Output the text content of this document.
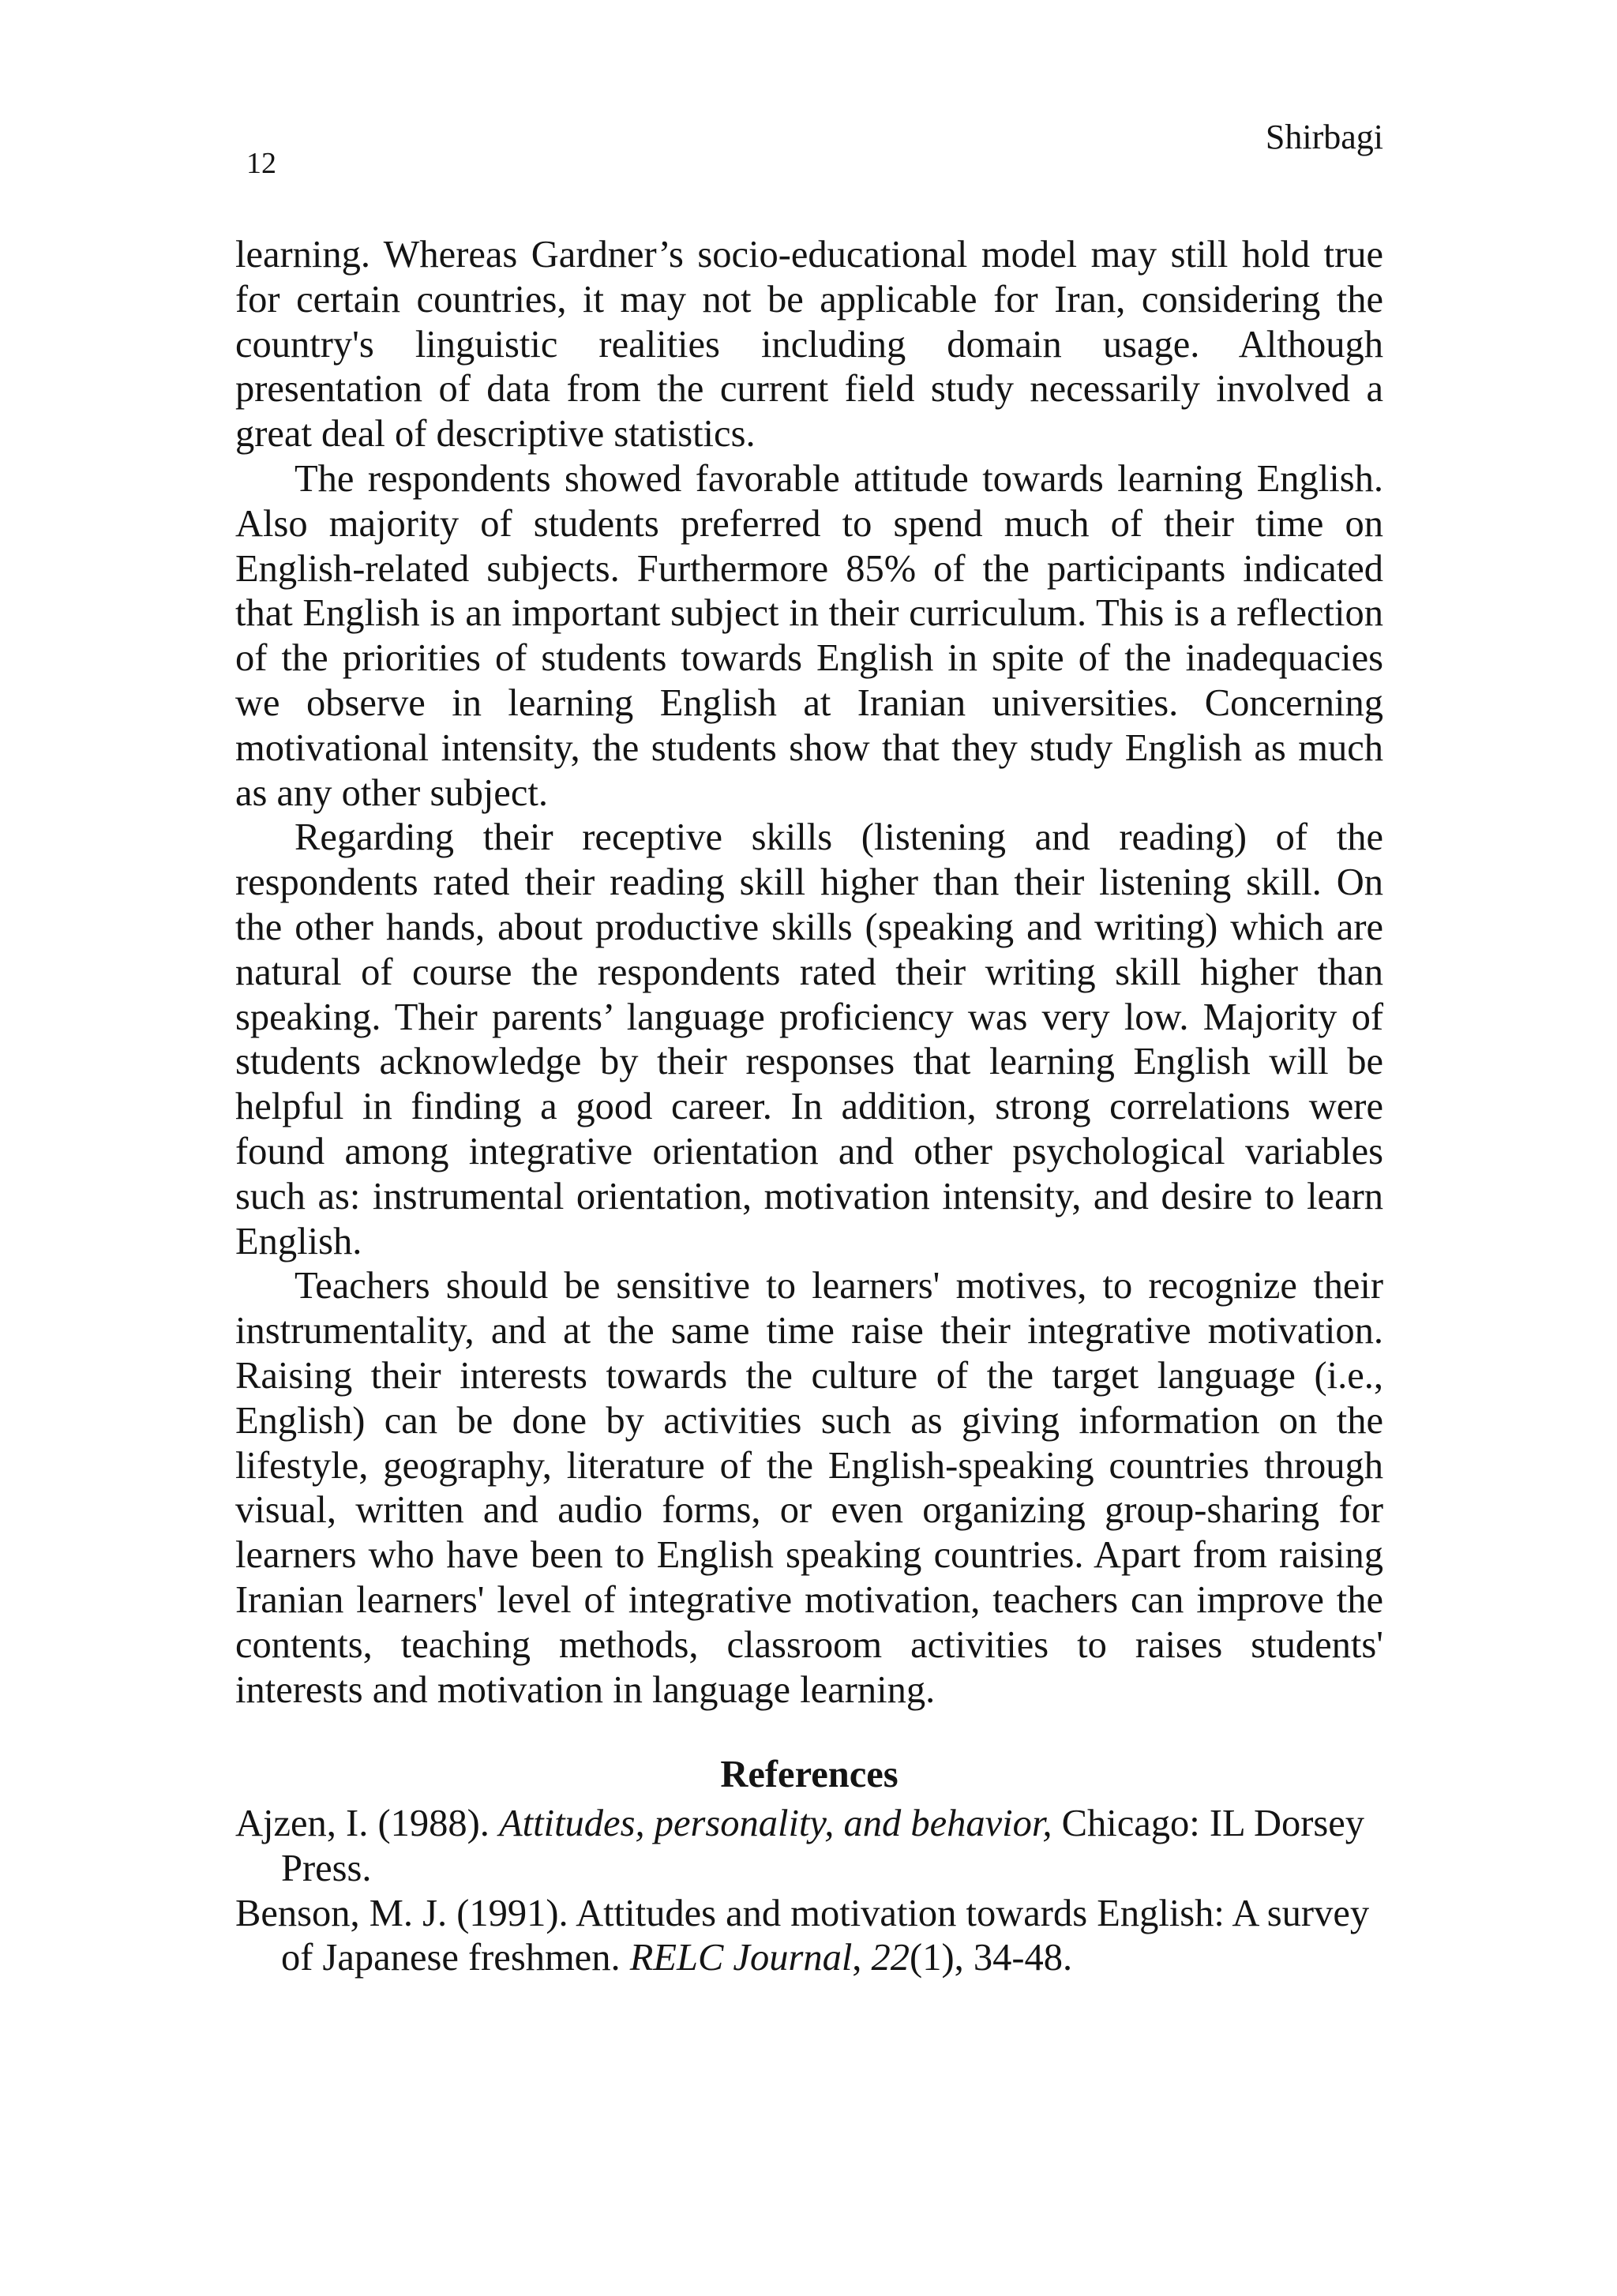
12
Shirbagi

learning. Whereas Gardner’s socio-educational model may still hold true for certain countries, it may not be applicable for Iran, considering the country's linguistic realities including domain usage. Although presentation of data from the current field study necessarily involved a great deal of descriptive statistics.

The respondents showed favorable attitude towards learning English. Also majority of students preferred to spend much of their time on English-related subjects. Furthermore 85% of the participants indicated that English is an important subject in their curriculum. This is a reflection of the priorities of students towards English in spite of the inadequacies we observe in learning English at Iranian universities. Concerning motivational intensity, the students show that they study English as much as any other subject.

Regarding their receptive skills (listening and reading) of the respondents rated their reading skill higher than their listening skill. On the other hands, about productive skills (speaking and writing) which are natural of course the respondents rated their writing skill higher than speaking. Their parents’ language proficiency was very low. Majority of students acknowledge by their responses that learning English will be helpful in finding a good career. In addition, strong correlations were found among integrative orientation and other psychological variables such as: instrumental orientation, motivation intensity, and desire to learn English.

Teachers should be sensitive to learners' motives, to recognize their instrumentality, and at the same time raise their integrative motivation. Raising their interests towards the culture of the target language (i.e., English) can be done by activities such as giving information on the lifestyle, geography, literature of the English-speaking countries through visual, written and audio forms, or even organizing group-sharing for learners who have been to English speaking countries. Apart from raising Iranian learners' level of integrative motivation, teachers can improve the contents, teaching methods, classroom activities to raises students' interests and motivation in language learning.

References
Ajzen, I. (1988). Attitudes, personality, and behavior, Chicago: IL Dorsey Press.
Benson, M. J. (1991). Attitudes and motivation towards English: A survey of Japanese freshmen. RELC Journal, 22(1), 34-48.
